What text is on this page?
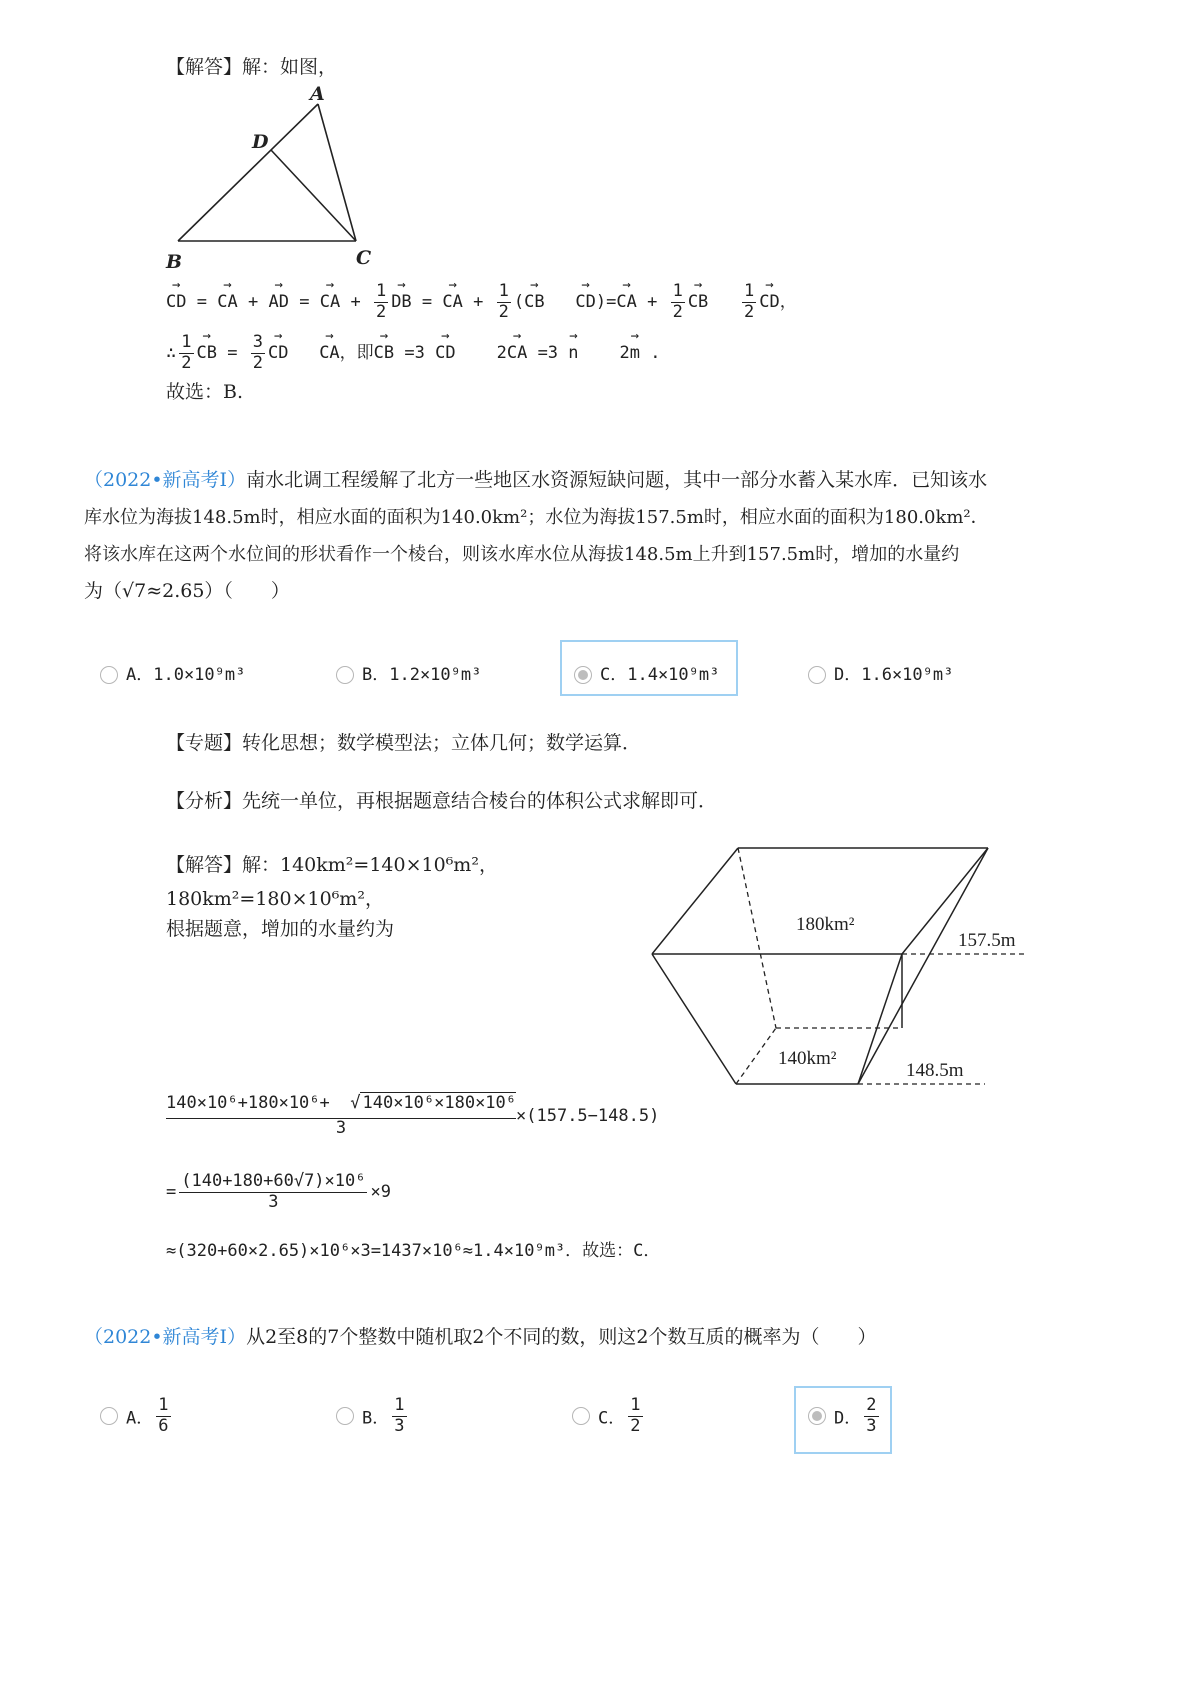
【解答】解：如图，
A
D
B	C
→ CD = → CA + → AD = → CA + $\frac{1}{2}$ → DB = → CA + $\frac{1}{2}$ (→ CB → CD)=→ CA + $\frac{1}{2}$ → CB $\frac{1}{2}$ → CD，
∴ $\frac{1}{2}$ → CB = $\frac{3}{2}$ → CD → CA，即→ CB =3 → CD 2→ CA =3 → n 2→ m .
故选：B.
（2022•新高考Ⅰ）南水北调工程缓解了北方一些地区水资源短缺问题，其中一部分水蓄入某水库．已知该水
库水位为海拔148.5m时，相应水面的面积为140.0km²；水位为海拔157.5m时，相应水面的面积为180.0km²．
将该水库在这两个水位间的形状看作一个棱台，则该水库水位从海拔148.5m上升到157.5m时，增加的水量约
为（√7≈2.65）（　　）
A．1.0×10⁹m³	B．1.2×10⁹m³	C．1.4×10⁹m³	D．1.6×10⁹m³
【专题】转化思想；数学模型法；立体几何；数学运算．
【分析】先统一单位，再根据题意结合棱台的体积公式求解即可．
【解答】解：140km²=140×10⁶m²，
180km²=180×10⁶m²，
根据题意，增加的水量约为	180km²
140km²
157.5m
148.5m
$\frac{\text{140×10⁶+180×10⁶+  √ 140×10⁶×180×10⁶}}{3} \times(157.5-148.5)$
= $\frac{\text{(140+180+60√7)×10⁶}}{3} \times 9$
≈(320+60×2.65)×10⁶×3=1437×10⁶≈1.4×10⁹m³．故选：C．
（2022•新高考Ⅰ）从2至8的7个整数中随机取2个不同的数，则这2个数互质的概率为（　　）
A． $\frac{1}{6}$	B． $\frac{1}{3}$	C． $\frac{1}{2}$	D． $\frac{2}{3}$
